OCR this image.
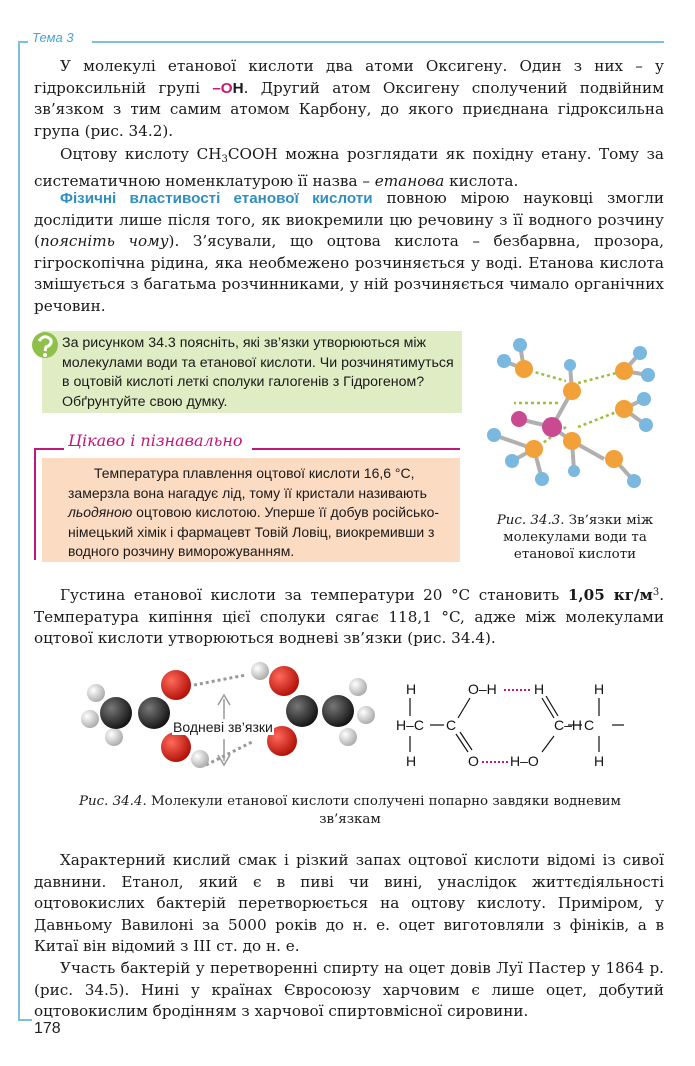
Тема 3
У молекулі етанової кислоти два атоми Оксигену. Один з них – у гідроксильній групі –OH. Другий атом Оксигену сполучений подвійним зв’язком з тим самим атомом Карбону, до якого приєднана гідроксильна група (рис. 34.2).
Оцтову кислоту $CH_3COOH$ можна розглядати як похідну етану. Тому за систематичною номенклатурою її назва – етанова кислота.
Фізичні властивості етанової кислоти повною мірою науковці змогли дослідити лише після того, як виокремили цю речовину з її водного розчину (поясніть чому). З’ясували, що оцтова кислота – безбарвна, прозора, гігроскопічна рідина, яка необмежено розчиняється у воді. Етанова кислота змішується з багатьма розчинниками, у ній розчиняється чимало органічних речовин.
За рисунком 34.3 поясніть, які зв’язки утворюються між молекулами води та етанової кислоти. Чи розчинятимуться в оцтовій кислоті леткі сполуки галогенів з Гідрогеном? Обґрунтуйте свою думку.
Цікаво і пізнавально
Температура плавлення оцтової кислоти 16,6 °C, замерзла вона нагадує лід, тому її кристали називають льодяною оцтовою кислотою. Уперше її добув російсько-німецький хімік і фармацевт Товій Ловіц, виокремивши з водного розчину виморожуванням.
Рис. 34.3. Зв’язки між молекулами води та етанової кислоти
Густина етанової кислоти за температури 20 °C становить 1,05 $кг/м^3$. Температура кипіння цієї сполуки сягає 118,1 °C, адже між молекулами оцтової кислоти утворюються водневі зв’язки (рис. 34.4).
Водневі зв’язки
H
H–C
H
C
O–H	H
O H–O
C–H C
H
H
Рис. 34.4. Молекули етанової кислоти сполучені попарно завдяки водневим зв’язкам
Характерний кислий смак і різкий запах оцтової кислоти відомі із сивої давнини. Етанол, який є в пиві чи вині, унаслідок життєдіяльності оцтовокислих бактерій перетворюється на оцтову кислоту. Приміром, у Давньому Вавилоні за 5000 років до н. е. оцет виготовляли з фініків, а в Китаї він відомий з III ст. до н. е.
Участь бактерій у перетворенні спирту на оцет довів Луї Пастер у 1864 р. (рис. 34.5). Нині у країнах Євросоюзу харчовим є лише оцет, добутий оцтовокислим бродінням з харчової спиртовмісної сировини.
178
